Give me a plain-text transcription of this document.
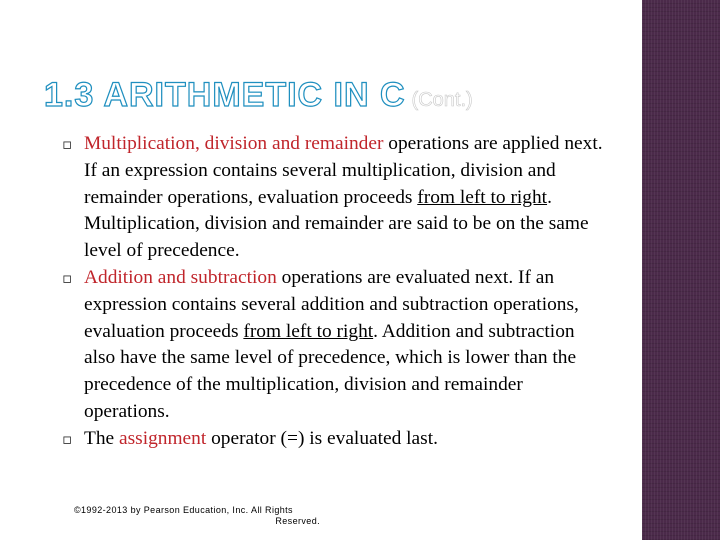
1.3 ARITHMETIC IN C (Cont.)
▫ Multiplication, division and remainder operations are applied next. If an expression contains several multiplication, division and remainder operations, evaluation proceeds from left to right. Multiplication, division and remainder are said to be on the same level of precedence.
▫ Addition and subtraction operations are evaluated next. If an expression contains several addition and subtraction operations, evaluation proceeds from left to right. Addition and subtraction also have the same level of precedence, which is lower than the precedence of the multiplication, division and remainder operations.
▫ The assignment operator (=) is evaluated last.
©1992-2013 by Pearson Education, Inc. All Rights
Reserved.
